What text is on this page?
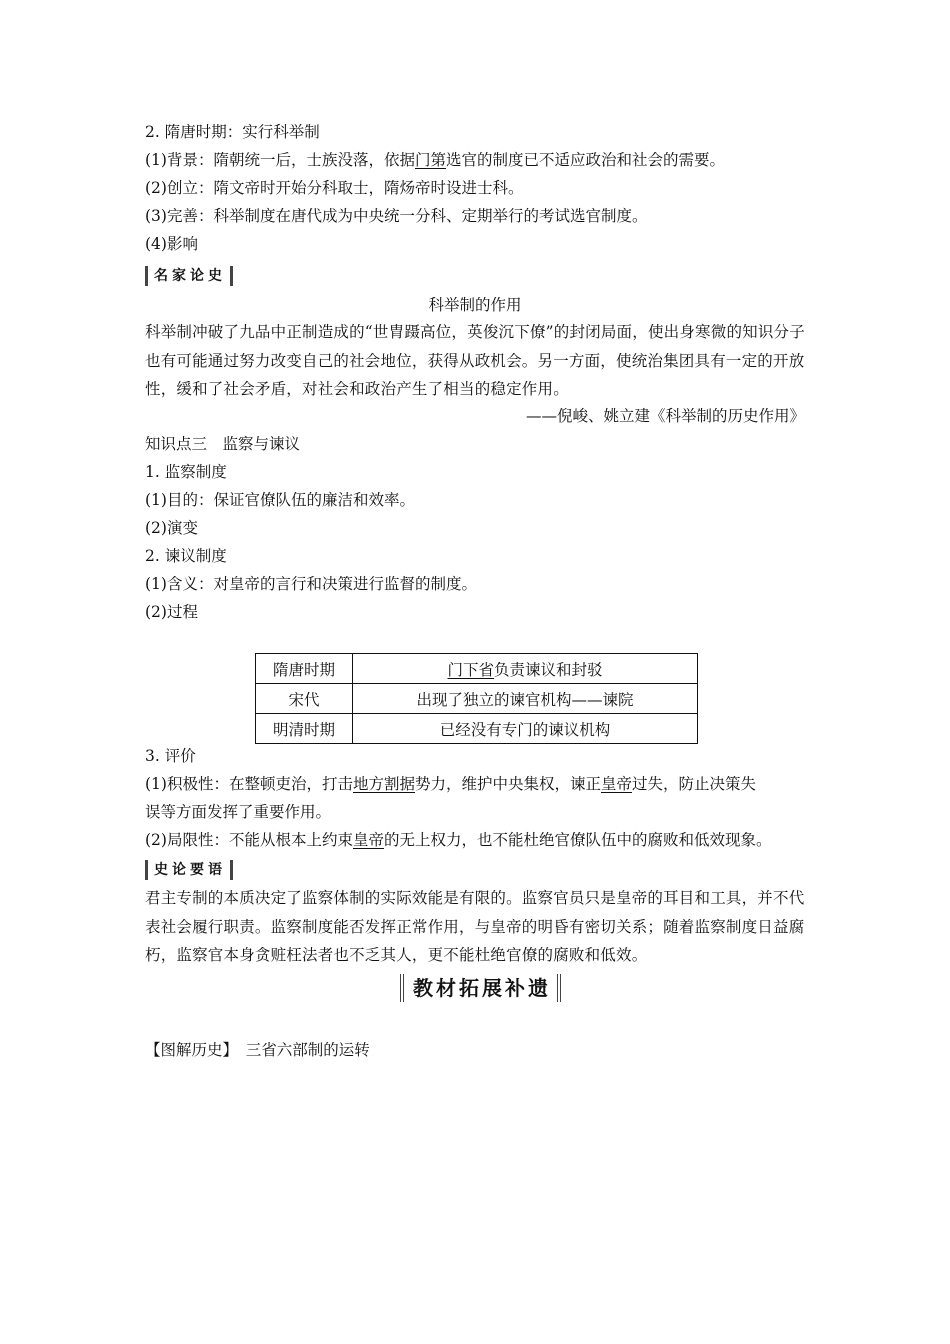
2. 隋唐时期：实行科举制
(1)背景：隋朝统一后，士族没落，依据门第选官的制度已不适应政治和社会的需要。
(2)创立：隋文帝时开始分科取士，隋炀帝时设进士科。
(3)完善：科举制度在唐代成为中央统一分科、定期举行的考试选官制度。
(4)影响
名家论史
科举制的作用
科举制冲破了九品中正制造成的“世胄蹑高位，英俊沉下僚”的封闭局面，使出身寒微的知识分子也有可能通过努力改变自己的社会地位，获得从政机会。另一方面，使统治集团具有一定的开放性，缓和了社会矛盾，对社会和政治产生了相当的稳定作用。
——倪峻、姚立建《科举制的历史作用》
知识点三　监察与谏议
1. 监察制度
(1)目的：保证官僚队伍的廉洁和效率。
(2)演变
2. 谏议制度
(1)含义：对皇帝的言行和决策进行监督的制度。
(2)过程
隋唐时期	门下省负责谏议和封驳
宋代	出现了独立的谏官机构——谏院
明清时期	已经没有专门的谏议机构
3. 评价
(1)积极性：在整顿吏治，打击地方割据势力，维护中央集权，谏正皇帝过失，防止决策失
误等方面发挥了重要作用。
(2)局限性：不能从根本上约束皇帝的无上权力，也不能杜绝官僚队伍中的腐败和低效现象。
史论要语
君主专制的本质决定了监察体制的实际效能是有限的。监察官员只是皇帝的耳目和工具，并不代表社会履行职责。监察制度能否发挥正常作用，与皇帝的明昏有密切关系；随着监察制度日益腐朽，监察官本身贪赃枉法者也不乏其人，更不能杜绝官僚的腐败和低效。
教材拓展补遗
【图解历史】　三省六部制的运转
